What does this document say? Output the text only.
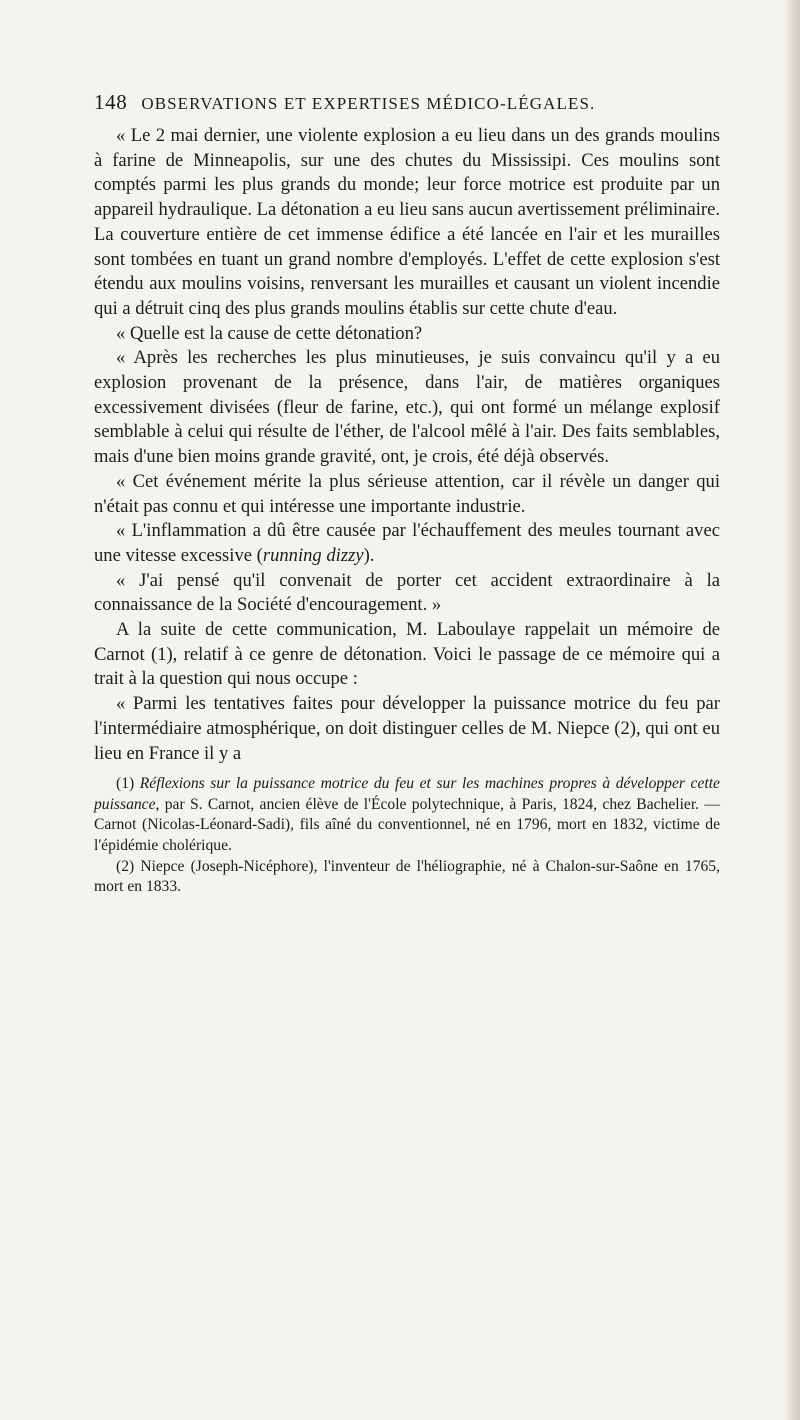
148 OBSERVATIONS ET EXPERTISES MÉDICO-LÉGALES.

« Le 2 mai dernier, une violente explosion a eu lieu dans un des grands moulins à farine de Minneapolis, sur une des chutes du Mississipi. Ces moulins sont comptés parmi les plus grands du monde; leur force motrice est produite par un appareil hydraulique. La détonation a eu lieu sans aucun avertissement préliminaire. La couverture entière de cet immense édifice a été lancée en l'air et les murailles sont tombées en tuant un grand nombre d'employés. L'effet de cette explosion s'est étendu aux moulins voisins, renversant les murailles et causant un violent incendie qui a détruit cinq des plus grands moulins établis sur cette chute d'eau.

« Quelle est la cause de cette détonation?

« Après les recherches les plus minutieuses, je suis convaincu qu'il y a eu explosion provenant de la présence, dans l'air, de matières organiques excessivement divisées (fleur de farine, etc.), qui ont formé un mélange explosif semblable à celui qui résulte de l'éther, de l'alcool mêlé à l'air. Des faits semblables, mais d'une bien moins grande gravité, ont, je crois, été déjà observés.

« Cet événement mérite la plus sérieuse attention, car il révèle un danger qui n'était pas connu et qui intéresse une importante industrie.

« L'inflammation a dû être causée par l'échauffement des meules tournant avec une vitesse excessive (running dizzy).

« J'ai pensé qu'il convenait de porter cet accident extraordinaire à la connaissance de la Société d'encouragement. »

A la suite de cette communication, M. Laboulaye rappelait un mémoire de Carnot (1), relatif à ce genre de détonation. Voici le passage de ce mémoire qui a trait à la question qui nous occupe :

« Parmi les tentatives faites pour développer la puissance motrice du feu par l'intermédiaire atmosphérique, on doit distinguer celles de M. Niepce (2), qui ont eu lieu en France il y a

(1) Réflexions sur la puissance motrice du feu et sur les machines propres à développer cette puissance, par S. Carnot, ancien élève de l'École polytechnique, à Paris, 1824, chez Bachelier. — Carnot (Nicolas-Léonard-Sadi), fils aîné du conventionnel, né en 1796, mort en 1832, victime de l'épidémie cholérique.

(2) Niepce (Joseph-Nicéphore), l'inventeur de l'héliographie, né à Chalon-sur-Saône en 1765, mort en 1833.
